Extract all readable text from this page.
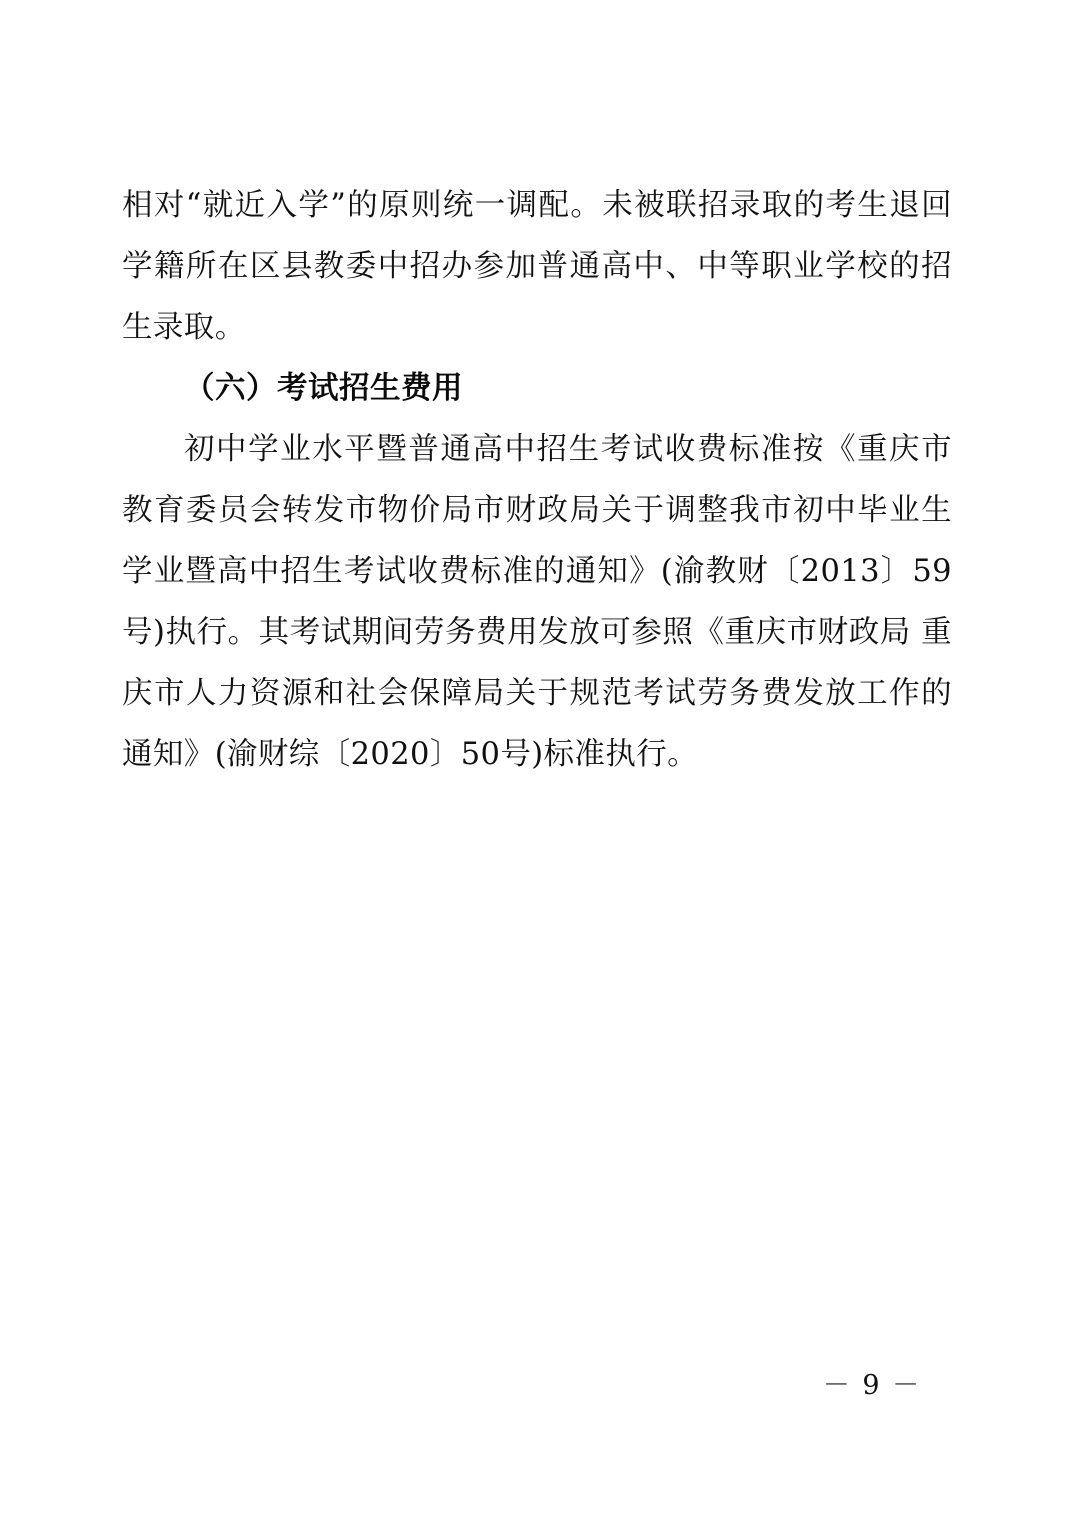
相对“就近入学”的原则统一调配。未被联招录取的考生退回学籍所在区县教委中招办参加普通高中、中等职业学校的招生录取。

（六）考试招生费用

初中学业水平暨普通高中招生考试收费标准按《重庆市教育委员会转发市物价局市财政局关于调整我市初中毕业生学业暨高中招生考试收费标准的通知》(渝教财〔2013〕59号)执行。其考试期间劳务费用发放可参照《重庆市财政局 重庆市人力资源和社会保障局关于规范考试劳务费发放工作的通知》(渝财综〔2020〕50号)标准执行。

－ 9 －
